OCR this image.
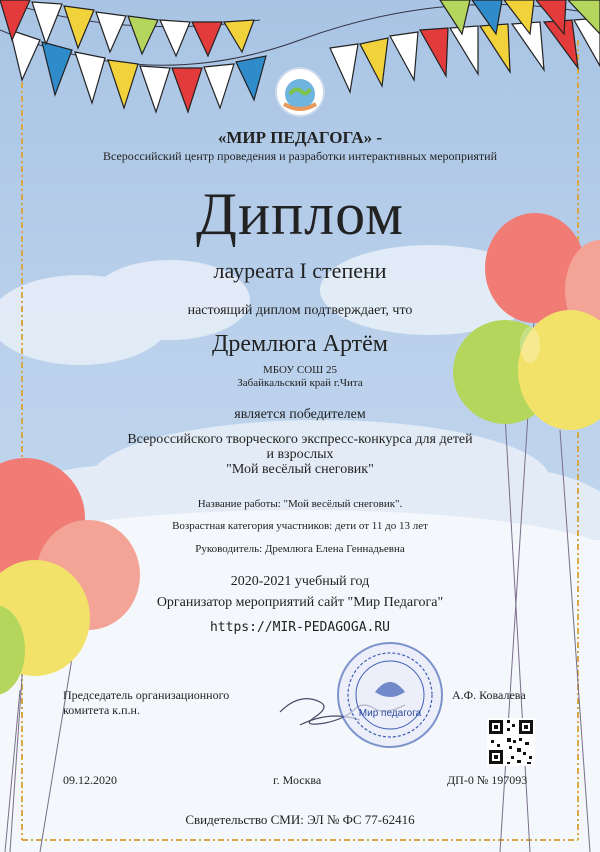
Мир педагога
«МИР ПЕДАГОГА» -
Всероссийский центр проведения и разработки интерактивных мероприятий
Диплом
лауреата I степени
настоящий диплом подтверждает, что
Дремлюга Артём
МБОУ СОШ 25
Забайкальский край г.Чита
является победителем
Всероссийского творческого экспресс-конкурса для детей
и взрослых
"Мой весёлый снеговик"
Название работы: "Мой весёлый снеговик".
Возрастная категория участников: дети от 11 до 13 лет
Руководитель: Дремлюга Елена Геннадьевна
2020-2021 учебный год
Организатор мероприятий сайт "Мир Педагога"
https://MIR-PEDAGOGA.RU
Председатель организационного
комитета к.п.н.
А.Ф. Ковалева
09.12.2020	г. Москва	ДП-0 № 197093
Свидетельство СМИ: ЭЛ № ФС 77-62416
